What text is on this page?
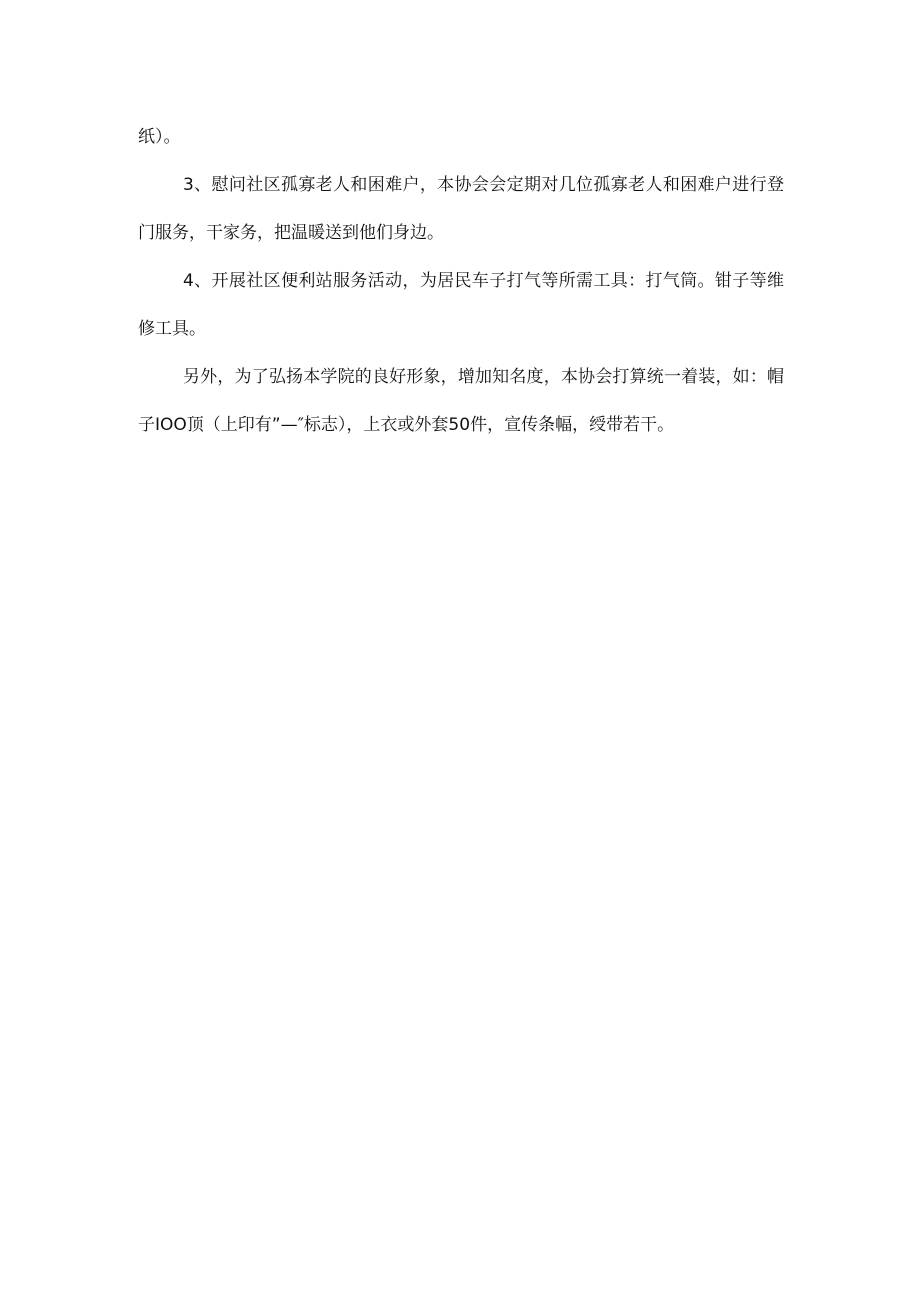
纸）。

3、慰问社区孤寡老人和困难户，本协会会定期对几位孤寡老人和困难户进行登门服务，干家务，把温暖送到他们身边。

4、开展社区便利站服务活动，为居民车子打气等所需工具：打气筒。钳子等维修工具。

另外，为了弘扬本学院的良好形象，增加知名度，本协会打算统一着装，如：帽子IOO顶（上印有”—″标志），上衣或外套50件，宣传条幅，绶带若干。
